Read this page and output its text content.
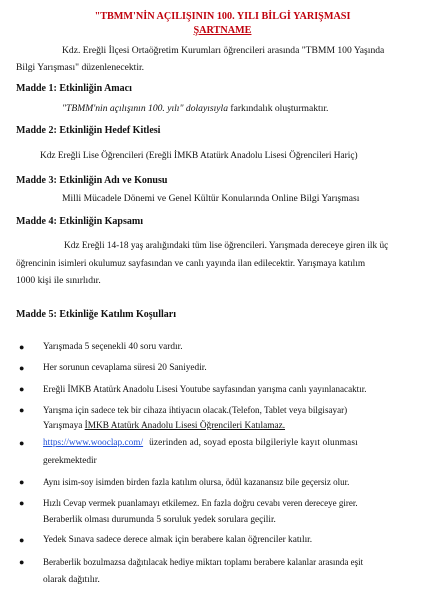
"TBMM'NİN AÇILIŞININ 100. YILI BİLGİ YARIŞMASI
ŞARTNAME
Kdz. Ereğli İlçesi Ortaöğretim Kurumları öğrencileri arasında "TBMM 100 Yaşında
Bilgi Yarışması" düzenlenecektir.
Madde 1: Etkinliğin Amacı
"TBMM'nin açılışının 100. yılı" dolayısıyla farkındalık oluşturmaktır.
Madde 2: Etkinliğin Hedef Kitlesi
Kdz Ereğli Lise Öğrencileri (Ereğli İMKB Atatürk Anadolu Lisesi Öğrencileri Hariç)
Madde 3: Etkinliğin Adı ve Konusu
Milli Mücadele Dönemi ve Genel Kültür Konularında Online Bilgi Yarışması
Madde 4: Etkinliğin Kapsamı
Kdz Ereğli 14-18 yaş aralığındaki tüm lise öğrencileri. Yarışmada dereceye giren ilk üç
öğrencinin isimleri okulumuz sayfasından ve canlı yayında ilan edilecektir. Yarışmaya katılım
1000 kişi ile sınırlıdır.
Madde 5: Etkinliğe Katılım Koşulları
● Yarışmada 5 seçenekli 40 soru vardır.
● Her sorunun cevaplama süresi 20 Saniyedir.
● Ereğli İMKB Atatürk Anadolu Lisesi Youtube sayfasından yarışma canlı yayınlanacaktır.
● Yarışma için sadece tek bir cihaza ihtiyacın olacak.(Telefon, Tablet veya bilgisayar)
Yarışmaya İMKB Atatürk Anadolu Lisesi Öğrencileri Katılamaz.
● https://www.wooclap.com/ üzerinden ad, soyad eposta bilgileriyle kayıt olunması
gerekmektedir
● Aynı isim-soy isimden birden fazla katılım olursa, ödül kazanansız bile geçersiz olur.
● Hızlı Cevap vermek puanlamayı etkilemez. En fazla doğru cevabı veren dereceye girer.
Beraberlik olması durumunda 5 soruluk yedek sorulara geçilir.
● Yedek Sınava sadece derece almak için berabere kalan öğrenciler katılır.
● Beraberlik bozulmazsa dağıtılacak hediye miktarı toplamı berabere kalanlar arasında eşit
olarak dağıtılır.
